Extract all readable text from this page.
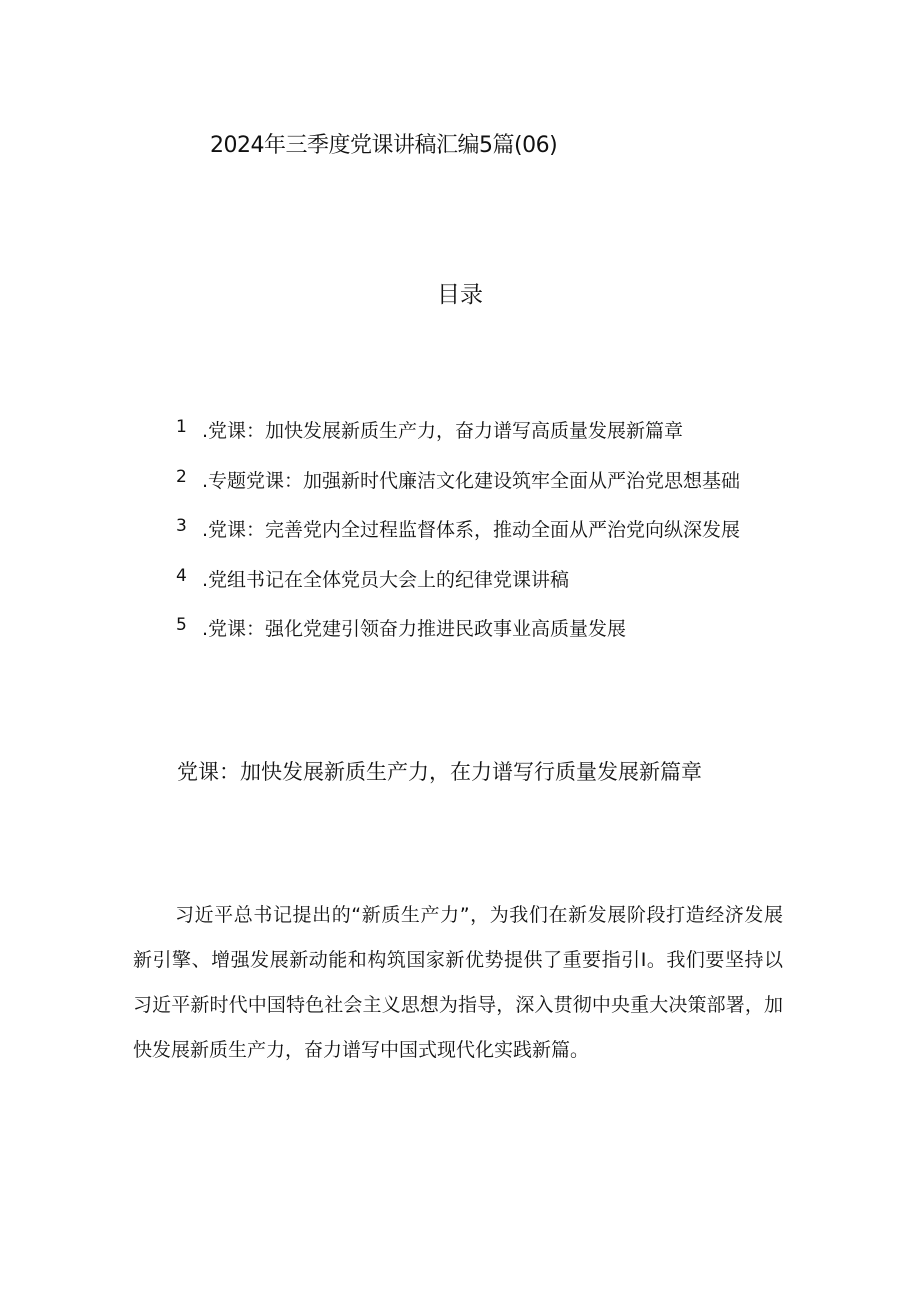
2024年三季度党课讲稿汇编5篇(06)
目录
1 .党课：加快发展新质生产力，奋力谱写高质量发展新篇章
2 .专题党课：加强新时代廉洁文化建设筑牢全面从严治党思想基础
3 .党课：完善党内全过程监督体系，推动全面从严治党向纵深发展
4 .党组书记在全体党员大会上的纪律党课讲稿
5 .党课：强化党建引领奋力推进民政事业高质量发展
党课：加快发展新质生产力，在力谱写行质量发展新篇章

习近平总书记提出的“新质生产力”，为我们在新发展阶段打造经济发展新引擎、增强发展新动能和构筑国家新优势提供了重要指引I。我们要坚持以习近平新时代中国特色社会主义思想为指导，深入贯彻中央重大决策部署，加快发展新质生产力，奋力谱写中国式现代化实践新篇。
